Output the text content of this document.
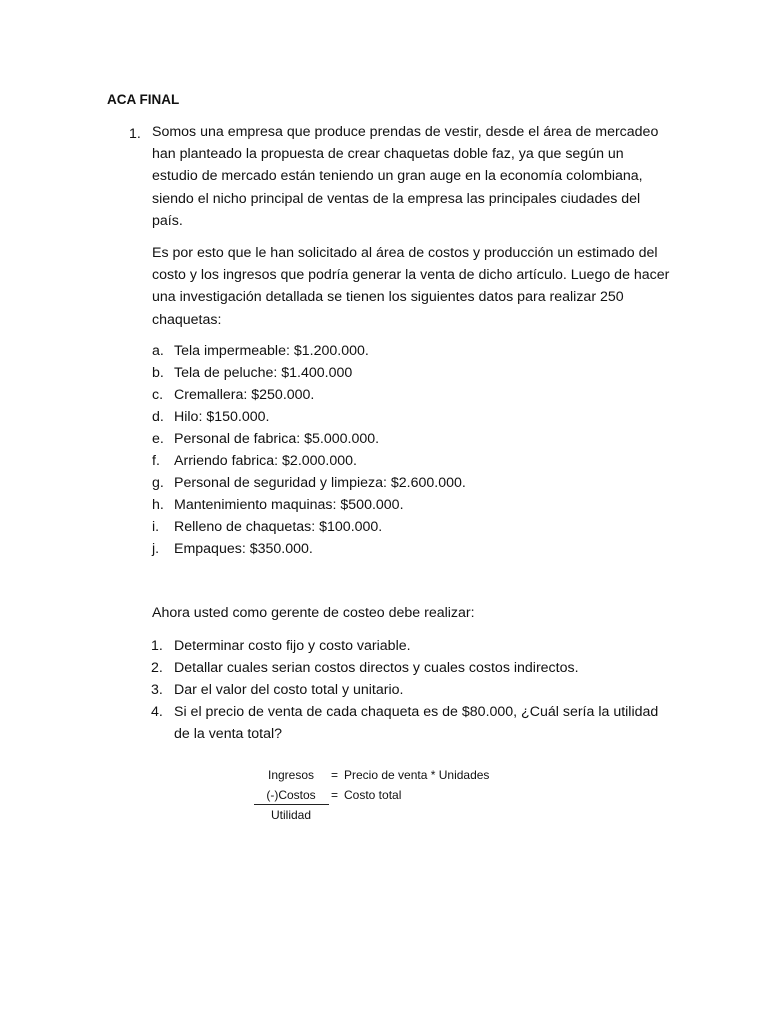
ACA FINAL

1. Somos una empresa que produce prendas de vestir, desde el área de mercadeo han planteado la propuesta de crear chaquetas doble faz, ya que según un estudio de mercado están teniendo un gran auge en la economía colombiana, siendo el nicho principal de ventas de la empresa las principales ciudades del país.

Es por esto que le han solicitado al área de costos y producción un estimado del costo y los ingresos que podría generar la venta de dicho artículo. Luego de hacer una investigación detallada se tienen los siguientes datos para realizar 250 chaquetas:

a. Tela impermeable: $1.200.000.
b. Tela de peluche: $1.400.000
c. Cremallera: $250.000.
d. Hilo: $150.000.
e. Personal de fabrica: $5.000.000.
f. Arriendo fabrica: $2.000.000.
g. Personal de seguridad y limpieza: $2.600.000.
h. Mantenimiento maquinas: $500.000.
i. Relleno de chaquetas: $100.000.
j. Empaques: $350.000.

Ahora usted como gerente de costeo debe realizar:

1. Determinar costo fijo y costo variable.
2. Detallar cuales serian costos directos y cuales costos indirectos.
3. Dar el valor del costo total y unitario.
4. Si el precio de venta de cada chaqueta es de $80.000, ¿Cuál sería la utilidad de la venta total?
Ingresos	= Precio de venta * Unidades
(-)Costos	= Costo total
Utilidad
